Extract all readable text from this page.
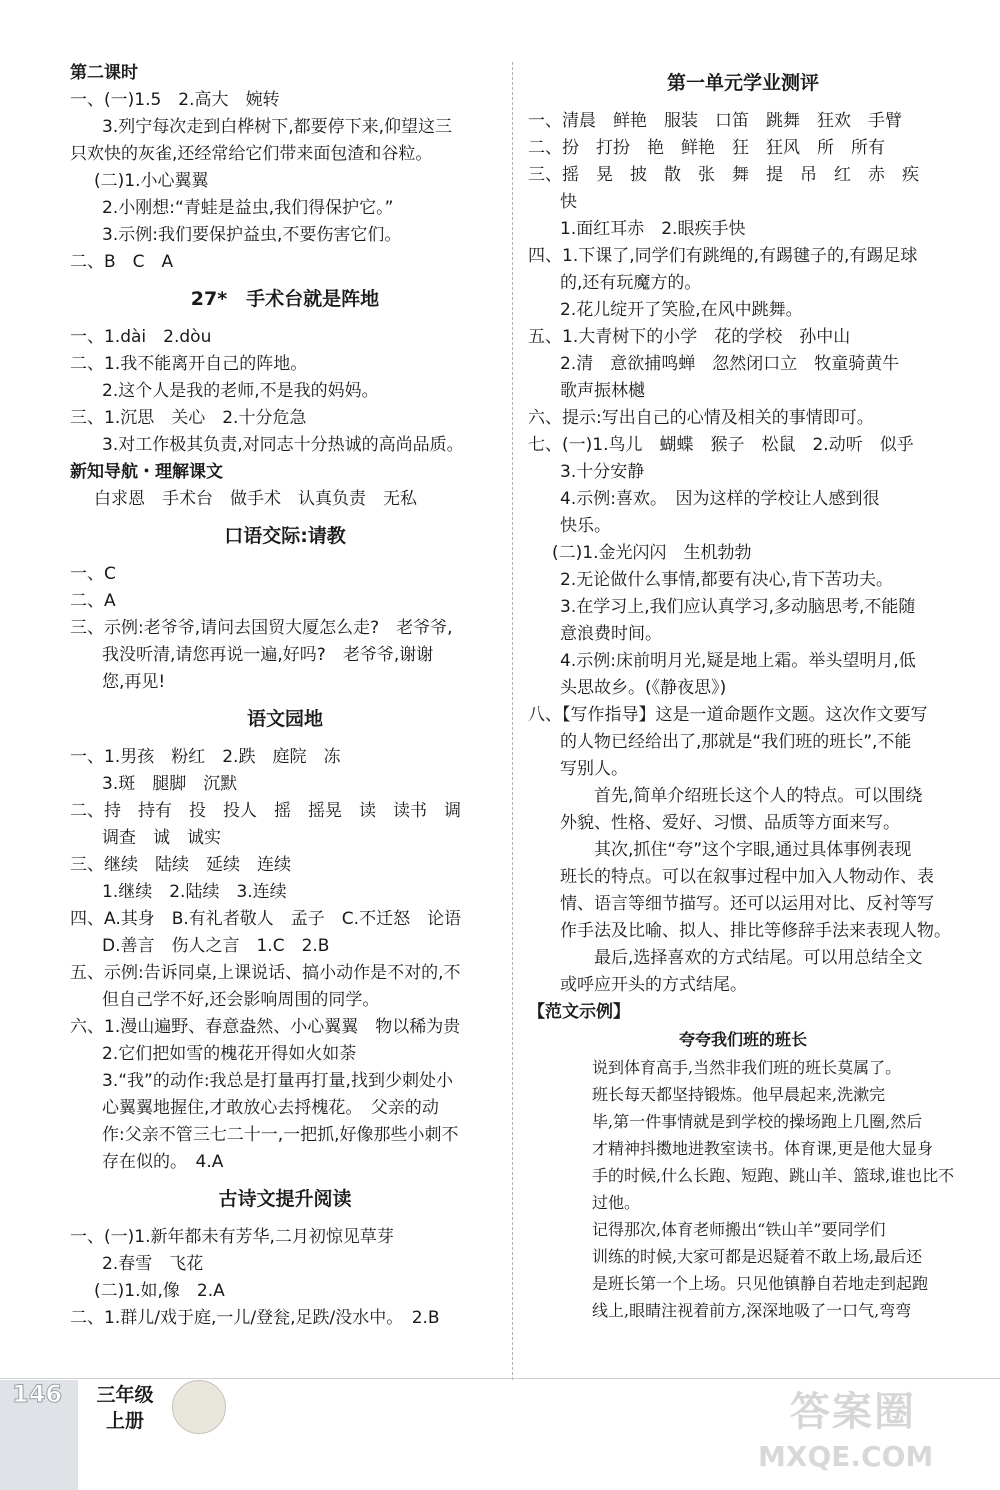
第二课时
一、(一)1.5　2.高大　婉转
3.列宁每次走到白桦树下,都要停下来,仰望这三
只欢快的灰雀,还经常给它们带来面包渣和谷粒。
(二)1.小心翼翼
2.小刚想:“青蛙是益虫,我们得保护它。”
3.示例:我们要保护益虫,不要伤害它们。
二、B　C　A
27*　手术台就是阵地
一、1.dài　2.dòu
二、1.我不能离开自己的阵地。
2.这个人是我的老师,不是我的妈妈。
三、1.沉思　关心　2.十分危急
3.对工作极其负责,对同志十分热诚的高尚品质。
新知导航・理解课文
白求恩　手术台　做手术　认真负责　无私
口语交际:请教
一、C
二、A
三、示例:老爷爷,请问去国贸大厦怎么走?　老爷爷,
我没听清,请您再说一遍,好吗?　老爷爷,谢谢
您,再见!
语文园地
一、1.男孩　粉红　2.跌　庭院　冻
3.斑　腿脚　沉默
二、持　持有　投　投人　摇　摇晃　读　读书　调
调查　诚　诚实
三、继续　陆续　延续　连续
1.继续　2.陆续　3.连续
四、A.其身　B.有礼者敬人　孟子　C.不迁怒　论语
D.善言　伤人之言　1.C　2.B
五、示例:告诉同桌,上课说话、搞小动作是不对的,不
但自己学不好,还会影响周围的同学。
六、1.漫山遍野、春意盎然、小心翼翼　物以稀为贵
2.它们把如雪的槐花开得如火如荼
3.“我”的动作:我总是打量再打量,找到少刺处小
心翼翼地握住,才敢放心去捋槐花。　父亲的动
作:父亲不管三七二十一,一把抓,好像那些小刺不
存在似的。　4.A
古诗文提升阅读
一、(一)1.新年都未有芳华,二月初惊见草芽
2.春雪　飞花
(二)1.如,像　2.A
二、1.群儿/戏于庭,一儿/登瓮,足跌/没水中。　2.B
第一单元学业测评
一、清晨　鲜艳　服装　口笛　跳舞　狂欢　手臂
二、扮　打扮　艳　鲜艳　狂　狂风　所　所有
三、摇　晃　披　散　张　舞　提　吊　红　赤　疾
快
1.面红耳赤　2.眼疾手快
四、1.下课了,同学们有跳绳的,有踢毽子的,有踢足球
的,还有玩魔方的。
2.花儿绽开了笑脸,在风中跳舞。
五、1.大青树下的小学　花的学校　孙中山
2.清　意欲捕鸣蝉　忽然闭口立　牧童骑黄牛
歌声振林樾
六、提示:写出自己的心情及相关的事情即可。
七、(一)1.鸟儿　蝴蝶　猴子　松鼠　2.动听　似乎
3.十分安静
4.示例:喜欢。　因为这样的学校让人感到很
快乐。
(二)1.金光闪闪　生机勃勃
2.无论做什么事情,都要有决心,肯下苦功夫。
3.在学习上,我们应认真学习,多动脑思考,不能随
意浪费时间。
4.示例:床前明月光,疑是地上霜。举头望明月,低
头思故乡。(《静夜思》)
八、【写作指导】这是一道命题作文题。这次作文要写
的人物已经给出了,那就是“我们班的班长”,不能
写别人。
首先,简单介绍班长这个人的特点。可以围绕
外貌、性格、爱好、习惯、品质等方面来写。
其次,抓住“夸”这个字眼,通过具体事例表现
班长的特点。可以在叙事过程中加入人物动作、表
情、语言等细节描写。还可以运用对比、反衬等写
作手法及比喻、拟人、排比等修辞手法来表现人物。
最后,选择喜欢的方式结尾。可以用总结全文
或呼应开头的方式结尾。
【范文示例】
夸夸我们班的班长
说到体育高手,当然非我们班的班长莫属了。
班长每天都坚持锻炼。他早晨起来,洗漱完
毕,第一件事情就是到学校的操场跑上几圈,然后
才精神抖擞地进教室读书。体育课,更是他大显身
手的时候,什么长跑、短跑、跳山羊、篮球,谁也比不
过他。
记得那次,体育老师搬出“铁山羊”要同学们
训练的时候,大家可都是迟疑着不敢上场,最后还
是班长第一个上场。只见他镇静自若地走到起跑
线上,眼睛注视着前方,深深地吸了一口气,弯弯
146	三年级
上册	答案圈
MXQE.COM
